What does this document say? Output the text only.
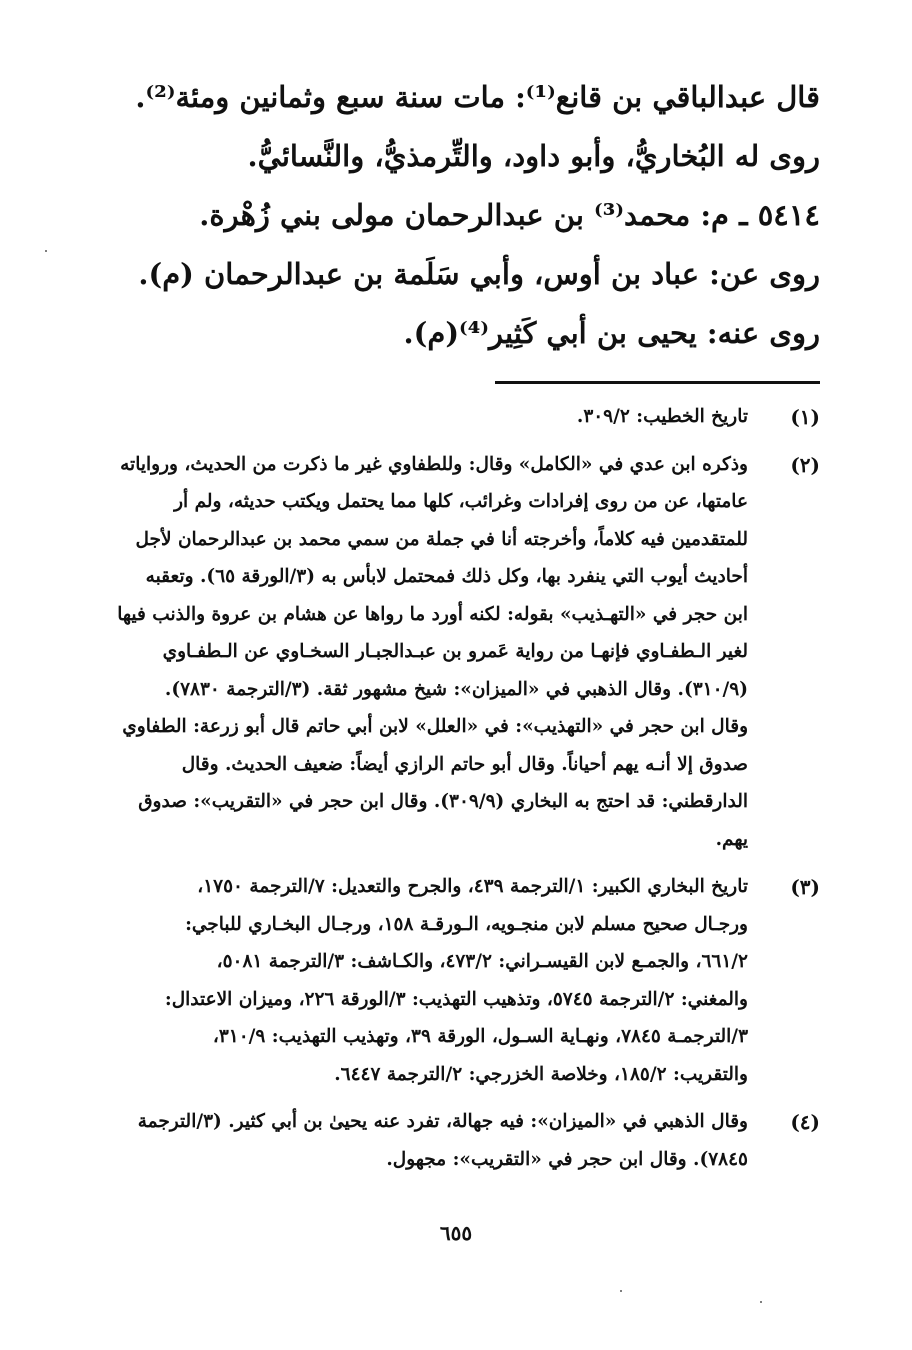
قال عبدالباقي بن قانع⁽¹⁾: مات سنة سبع وثمانين ومئة⁽²⁾.
روى له البُخاريُّ، وأبو داود، والتِّرمذيُّ، والنَّسائيُّ.
٥٤١٤ ـ م: محمد⁽³⁾ بن عبدالرحمان مولى بني زُهْرة.
روى عن: عباد بن أوس، وأبي سَلَمة بن عبدالرحمان (م).
روى عنه: يحيى بن أبي كَثِير⁽⁴⁾(م).
(١)
تاريخ الخطيب: ٣٠٩/٢.
(٢)
وذكره ابن عدي في «الكامل» وقال: وللطفاوي غير ما ذكرت من الحديث، ورواياته
عامتها، عن من روى إفرادات وغرائب، كلها مما يحتمل ويكتب حديثه، ولم أر
للمتقدمين فيه كلاماً، وأخرجته أنا في جملة من سمي محمد بن عبدالرحمان لأجل
أحاديث أيوب التي ينفرد بها، وكل ذلك فمحتمل لابأس به (٣/الورقة ٦٥). وتعقبه
ابن حجر في «التهـذيب» بقوله: لكنه أورد ما رواها عن هشام بن عروة والذنب فيها
لغير الـطفـاوي فإنهـا من رواية عَمرو بن عبـدالجبـار السخـاوي عن الـطفـاوي
(٣١٠/٩). وقال الذهبي في «الميزان»: شيخ مشهور ثقة. (٣/الترجمة ٧٨٣٠).
وقال ابن حجر في «التهذيب»: في «العلل» لابن أبي حاتم قال أبو زرعة: الطفاوي
صدوق إلا أنـه يهم أحياناً. وقال أبو حاتم الرازي أيضاً: ضعيف الحديث. وقال
الدارقطني: قد احتج به البخاري (٣٠٩/٩). وقال ابن حجر في «التقريب»: صدوق
يهم.
(٣)
تاريخ البخاري الكبير: ١/الترجمة ٤٣٩، والجرح والتعديل: ٧/الترجمة ١٧٥٠،
ورجـال صحيح مسلم لابن منجـويه، الـورقـة ١٥٨، ورجـال البخـاري للباجي:
٦٦١/٢، والجمـع لابن القيسـراني: ٤٧٣/٢، والكـاشف: ٣/الترجمة ٥٠٨١،
والمغني: ٢/الترجمة ٥٧٤٥، وتذهيب التهذيب: ٣/الورقة ٢٢٦، وميزان الاعتدال:
٣/الترجمـة ٧٨٤٥، ونهـاية السـول، الورقة ٣٩، وتهذيب التهذيب: ٣١٠/٩،
والتقريب: ١٨٥/٢، وخلاصة الخزرجي: ٢/الترجمة ٦٤٤٧.
(٤)
وقال الذهبي في «الميزان»: فيه جهالة، تفرد عنه يحيىٰ بن أبي كثير. (٣/الترجمة
٧٨٤٥). وقال ابن حجر في «التقريب»: مجهول.
٦٥٥
